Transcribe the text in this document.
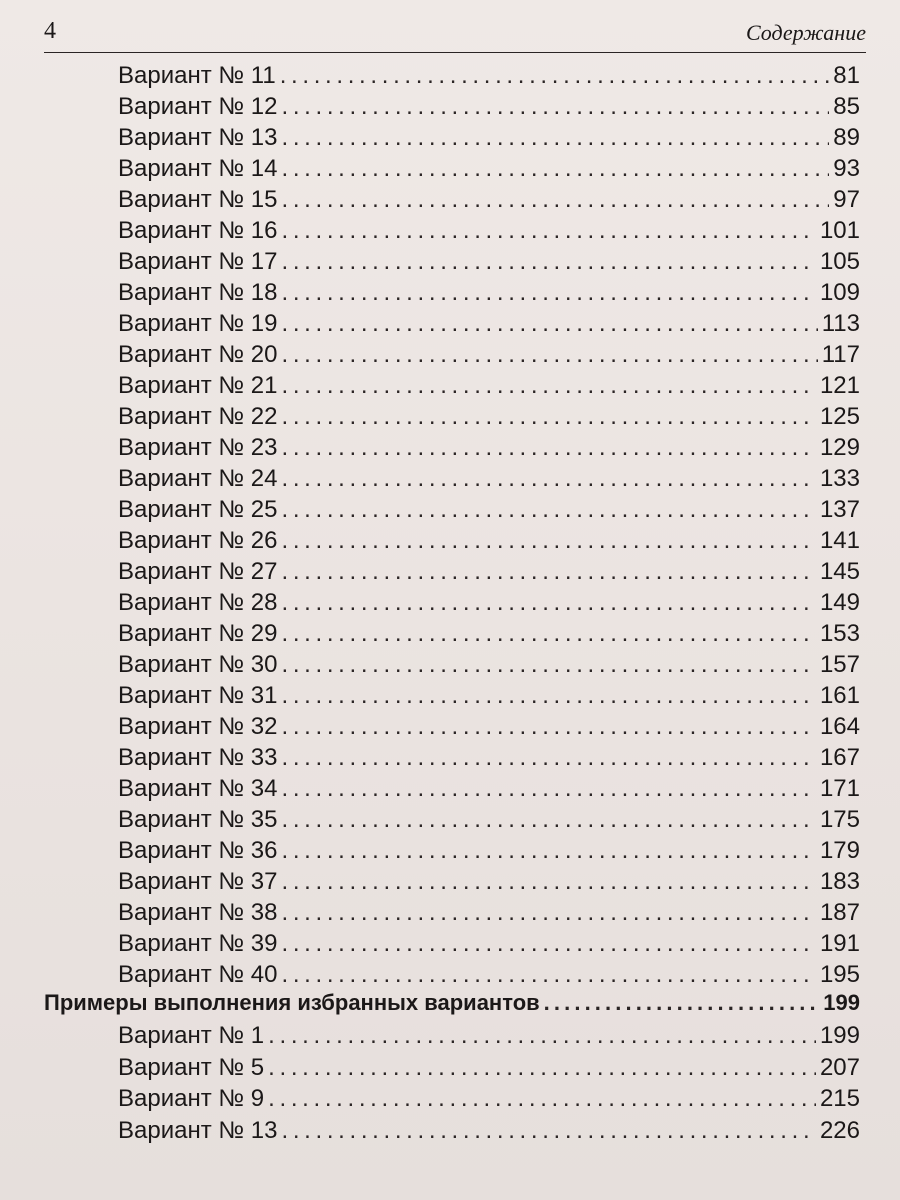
4	Содержание
Вариант № 11 . . .	81
Вариант № 12 . . .	85
Вариант № 13 . . .	89
Вариант № 14 . . .	93
Вариант № 15 . . .	97
Вариант № 16 . . .	101
Вариант № 17 . . .	105
Вариант № 18 . . .	109
Вариант № 19 . . .	113
Вариант № 20 . . .	117
Вариант № 21 . . .	121
Вариант № 22 . . .	125
Вариант № 23 . . .	129
Вариант № 24 . . .	133
Вариант № 25 . . .	137
Вариант № 26 . . .	141
Вариант № 27 . . .	145
Вариант № 28 . . .	149
Вариант № 29 . . .	153
Вариант № 30 . . .	157
Вариант № 31 . . .	161
Вариант № 32 . . .	164
Вариант № 33 . . .	167
Вариант № 34 . . .	171
Вариант № 35 . . .	175
Вариант № 36 . . .	179
Вариант № 37 . . .	183
Вариант № 38 . . .	187
Вариант № 39 . . .	191
Вариант № 40 . . .	195
Примеры выполнения избранных вариантов . . .	199
Вариант № 1 . . .	199
Вариант № 5 . . .	207
Вариант № 9 . . .	215
Вариант № 13 . . .	226
